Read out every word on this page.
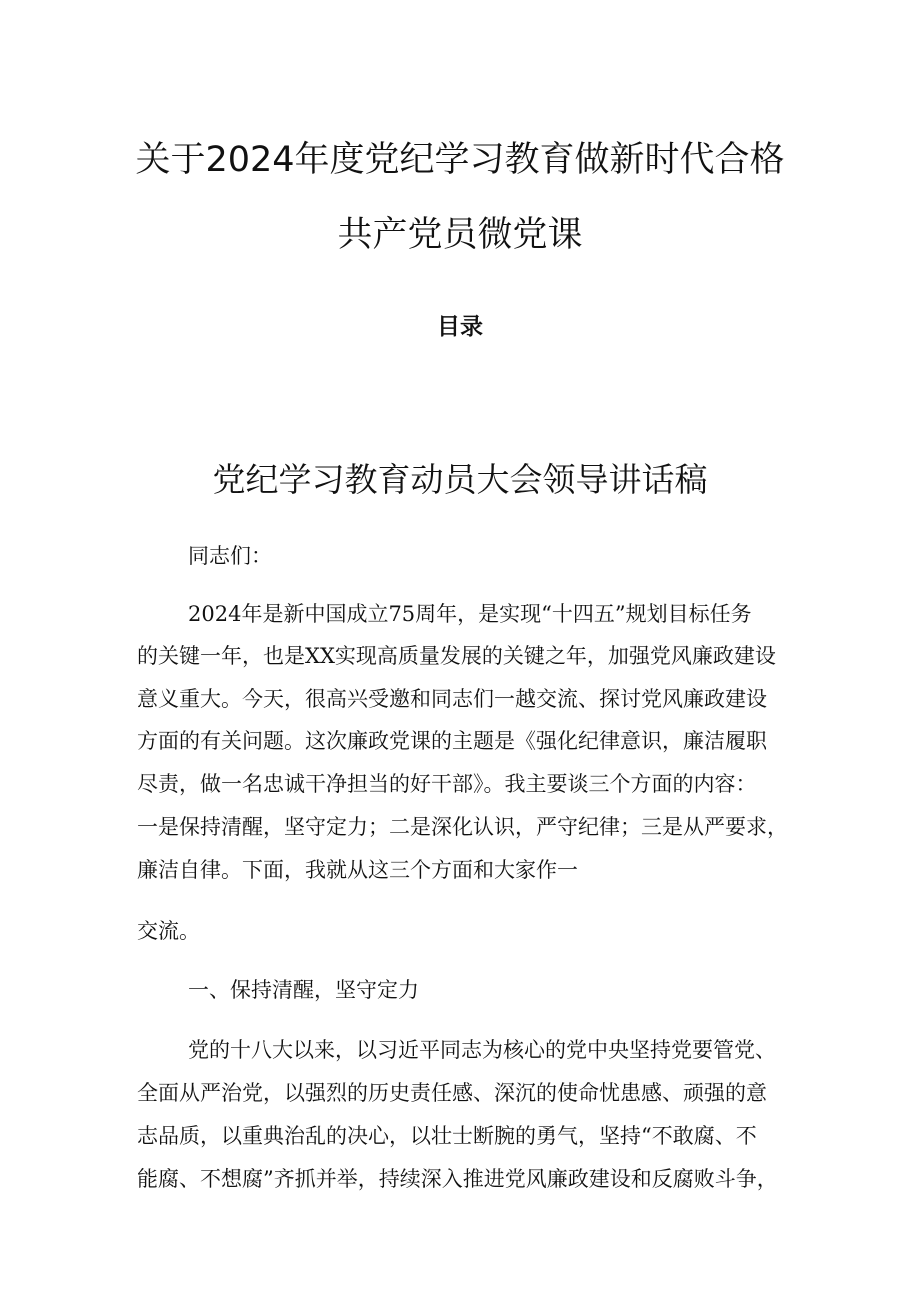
关于2024年度党纪学习教育做新时代合格
共产党员微党课
目录
党纪学习教育动员大会领导讲话稿

同志们：

2024年是新中国成立75周年，是实现“十四五”规划目标任务

的关键一年，也是XX实现高质量发展的关键之年，加强党风廉政建设

意义重大。今天，很高兴受邀和同志们一越交流、探讨党风廉政建设

方面的有关问题。这次廉政党课的主题是《强化纪律意识，廉洁履职

尽责，做一名忠诚干净担当的好干部》。我主要谈三个方面的内容：

一是保持清醒，坚守定力；二是深化认识，严守纪律；三是从严要求，

廉洁自律。下面，我就从这三个方面和大家作一

交流。

一、保持清醒，坚守定力

党的十八大以来，以习近平同志为核心的党中央坚持党要管党、

全面从严治党，以强烈的历史责任感、深沉的使命忧患感、顽强的意

志品质，以重典治乱的决心，以壮士断腕的勇气，坚持“不敢腐、不

能腐、不想腐”齐抓并举，持续深入推进党风廉政建设和反腐败斗争，
